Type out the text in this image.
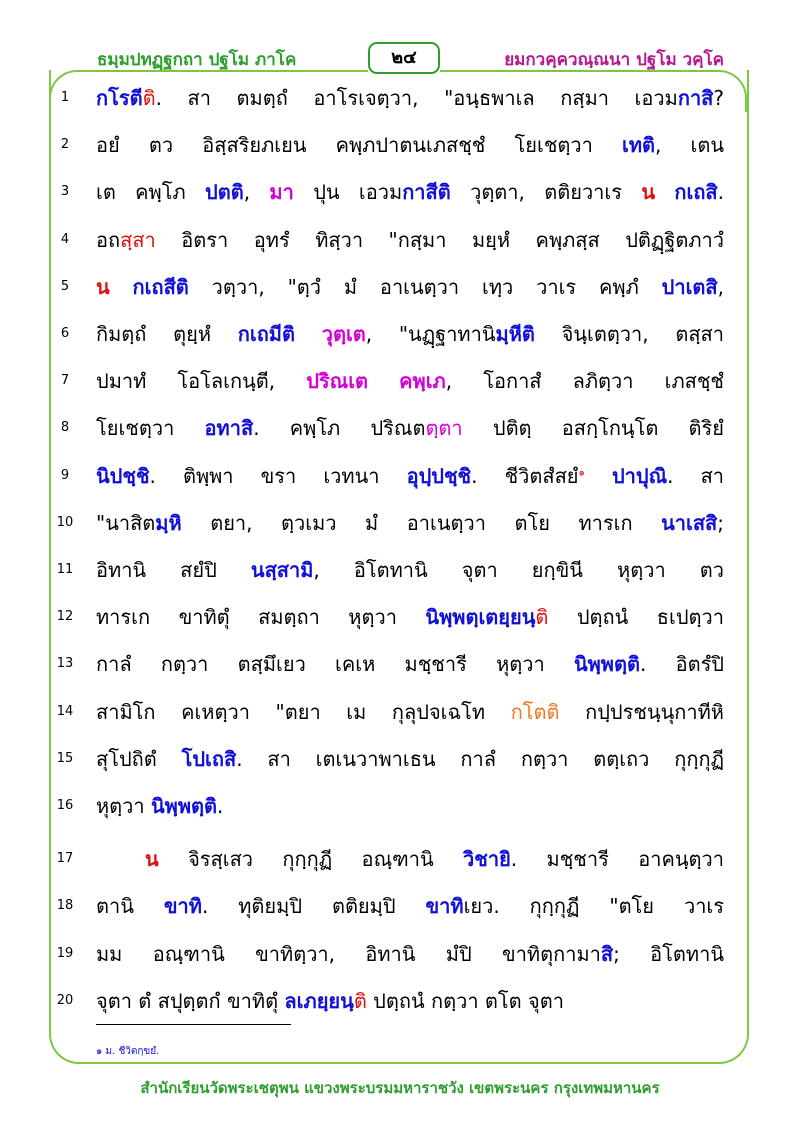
ธมฺมปทฏฺฐกถา ปฐโม ภาโค	๒๔	ยมกวคฺควณฺณนา ปฐโม วคฺโค
1	กโรตีติ. สา ตมตฺถํ อาโรเจตฺวา, "อนฺธพาเล กสฺมา เอวมกาสิ?
2	อยํ ตว อิสฺสริยภเยน คพฺภปาตนเภสชฺชํ โยเชตฺวา เทติ, เตน
3	เต คพฺโภ ปตติ, มา ปุน เอวมกาสีติ วุตฺตา, ตติยวาเร น กเถสิ.
4	อถสฺสา อิตรา อุทรํ ทิสฺวา "กสฺมา มยฺหํ คพฺภสฺส ปติฏฺฐิตภาวํ
5	น กเถสีติ วตฺวา, "ตฺวํ มํ อาเนตฺวา เทฺว วาเร คพฺภํ ปาเตสิ,
6	กิมตฺถํ ตุยฺหํ กเถมีติ วุตฺเต, "นฏฺฐาทานิมฺหีติ จินฺเตตฺวา, ตสฺสา
7	ปมาทํ โอโลเกนฺตี, ปริณเต คพฺเภ, โอกาสํ ลภิตฺวา เภสชฺชํ
8	โยเชตฺวา อทาสิ. คพฺโภ ปริณตตฺตา ปติตฺ อสกฺโกนฺโต ติริยํ
9	นิปชฺชิ. ติพฺพา ขรา เวทนา อุปฺปชฺชิ. ชีวิตสํสยํ$^๑$ ปาปุณิ. สา
10	"นาสิตมฺหิ ตยา, ตฺวเมว มํ อาเนตฺวา ตโย ทารเก นาเสสิ;
11	อิทานิ สยํปิ นสฺสามิ, อิโตทานิ จุตา ยกฺขินี หุตฺวา ตว
12	ทารเก ขาทิตุํ สมตฺถา หุตฺวา นิพฺพตฺเตยฺยนฺติ ปตฺถนํ ธเปตฺวา
13	กาลํ กตฺวา ตสฺมึเยว เคเห มชฺชารี หุตฺวา นิพฺพตฺติ. อิตรํปิ
14	สามิโก คเหตฺวา "ตยา เม กุลุปจเฉโท กโตติ กปฺปรชนฺนุกาทีหิ
15	สุโปถิตํ โปเถสิ. สา เตเนวาพาเธน กาลํ กตฺวา ตตฺเถว กุกฺกุฏี
16	หุตฺวา นิพฺพตฺติ.
17	น จิรสฺเสว กุกฺกุฏี อณฺฑานิ วิชายิ. มชฺชารี อาคนฺตฺวา
18	ตานิ ขาทิ. ทุติยมฺปิ ตติยมฺปิ ขาทิเยว. กุกฺกุฏี "ตโย วาเร
19	มม อณฺฑานิ ขาทิตฺวา, อิทานิ มํปิ ขาทิตุกามาสิ; อิโตทานิ
20	จุตา ตํ สปุตฺตกํ ขาทิตุํ ลเภยฺยนฺติ ปตฺถนํ กตฺวา ตโต จุตา
๑ ม. ชีวิตกฺขยํ.
สำนักเรียนวัดพระเชตุพน แขวงพระบรมมหาราชวัง เขตพระนคร กรุงเทพมหานคร
